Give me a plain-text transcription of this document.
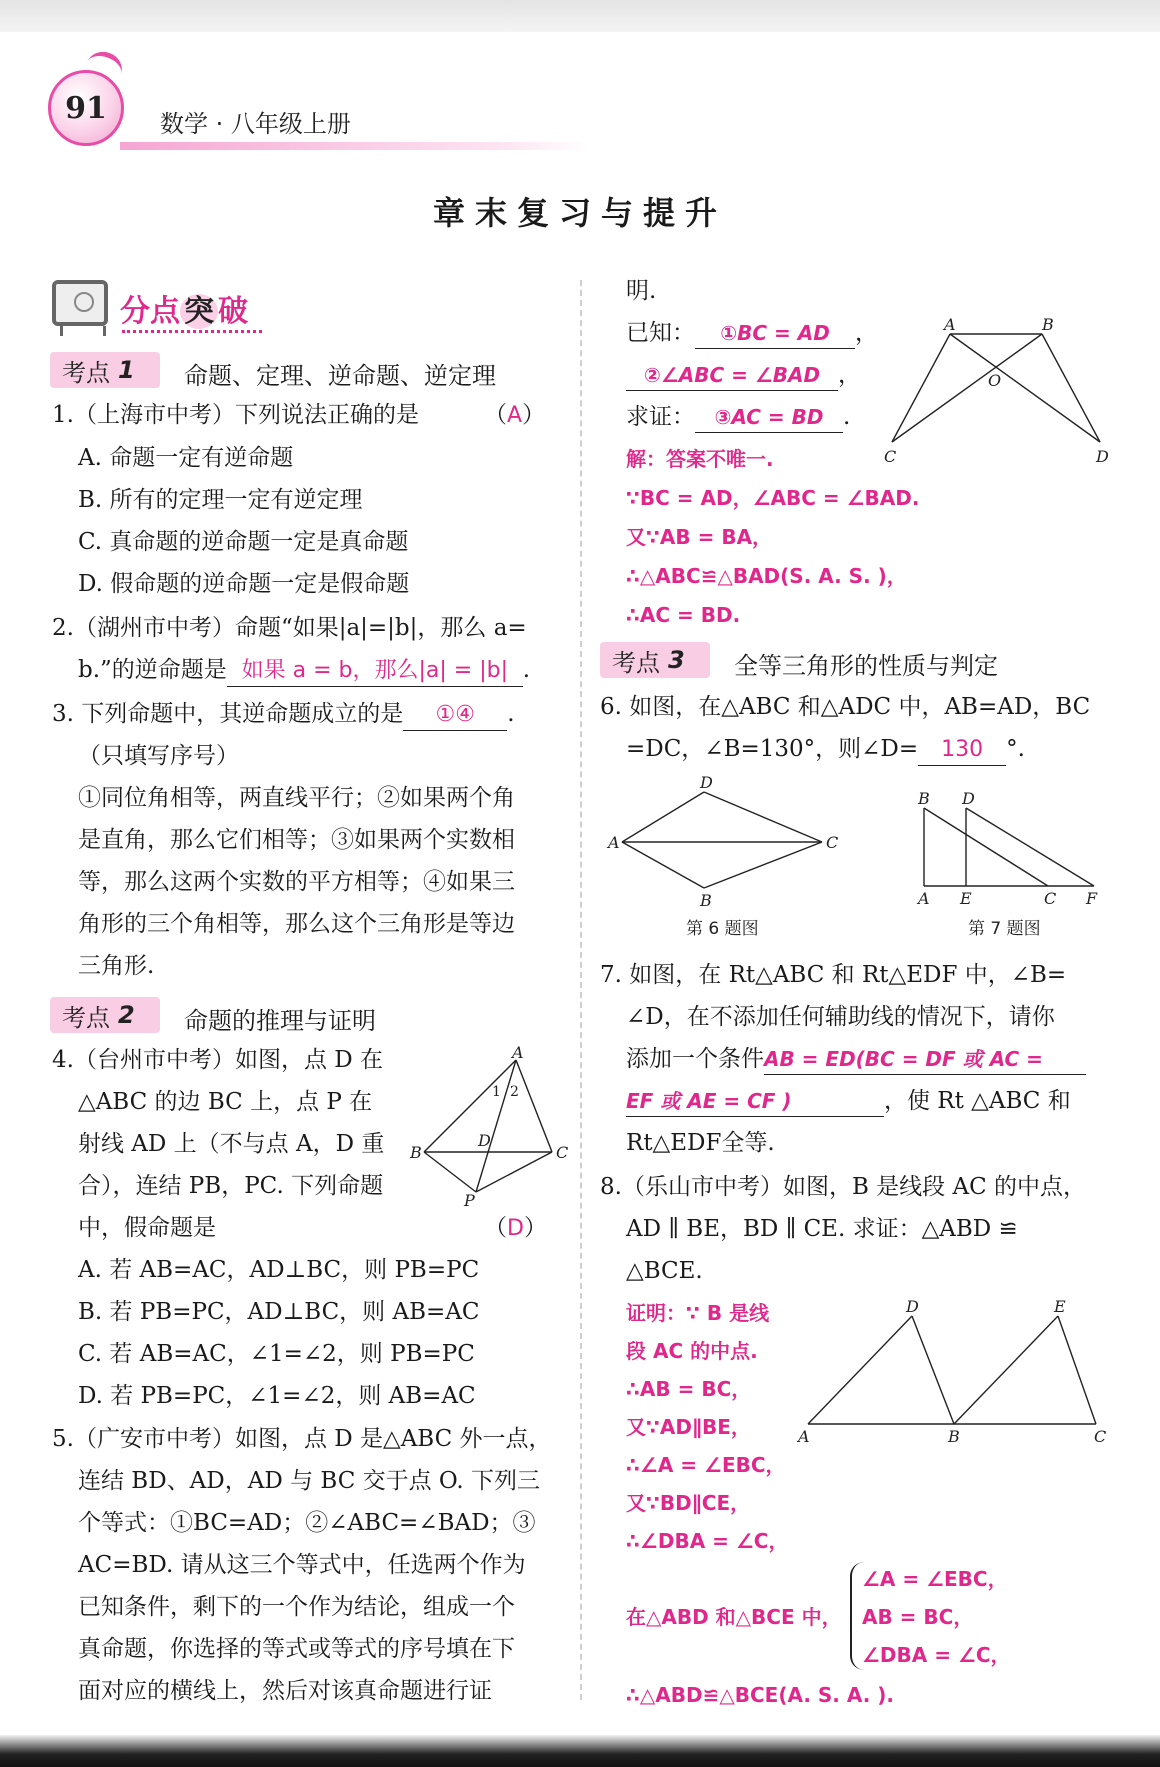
91	数学 · 八年级上册
章末复习与提升
分点 突 破
考点 1 命题、定理、逆命题、逆定理
1.（上海市中考）下列说法正确的是	（A）
A. 命题一定有逆命题
B. 所有的定理一定有逆定理
C. 真命题的逆命题一定是真命题
D. 假命题的逆命题一定是假命题
2.（湖州市中考）命题“如果|a|=|b|，那么 a=
b.”的逆命题是 如果 a = b，那么|a| = |b| .
3. 下列命题中，其逆命题成立的是 ①④ .
（只填写序号）
①同位角相等，两直线平行；②如果两个角
是直角，那么它们相等；③如果两个实数相
等，那么这两个实数的平方相等；④如果三
角形的三个角相等，那么这个三角形是等边
三角形.
考点 2 命题的推理与证明
4.（台州市中考）如图，点 D 在
△ABC 的边 BC 上，点 P 在
射线 AD 上（不与点 A，D 重
合），连结 PB，PC. 下列命题
中，假命题是	（D）
A
B	C
D
P
1 2
A. 若 AB=AC，AD⊥BC，则 PB=PC
B. 若 PB=PC，AD⊥BC，则 AB=AC
C. 若 AB=AC，∠1=∠2，则 PB=PC
D. 若 PB=PC，∠1=∠2，则 AB=AC
5.（广安市中考）如图，点 D 是△ABC 外一点，
连结 BD、AD，AD 与 BC 交于点 O. 下列三
个等式：①BC=AD；②∠ABC=∠BAD；③
AC=BD. 请从这三个等式中，任选两个作为
已知条件，剩下的一个作为结论，组成一个
真命题，你选择的等式或等式的序号填在下
面对应的横线上，然后对该真命题进行证
明.
已知： ①BC = AD ，
②∠ABC = ∠BAD ，
求证： ③AC = BD .
解：答案不唯一.
∵BC = AD，∠ABC = ∠BAD.
又∵AB = BA，
∴△ABC≌△BAD(S. A. S. )，
∴AC = BD.
A	B
O
C	D
考点 3 全等三角形的性质与判定
6. 如图，在△ABC 和△ADC 中，AB=AD，BC
=DC，∠B=130°，则∠D= 130 °.
D
A	C
B
第 6 题图
B D
A E	C F
第 7 题图
7. 如图，在 Rt△ABC 和 Rt△EDF 中，∠B=
∠D，在不添加任何辅助线的情况下，请你
添加一个条件AB = ED(BC = DF 或 AC =
EF 或 AE = CF )	，使 Rt △ABC 和
Rt△EDF全等.
8.（乐山市中考）如图，B 是线段 AC 的中点，
AD ∥ BE，BD ∥ CE. 求证：△ABD ≌
△BCE.
证明：∵ B 是线
段 AC 的中点.
∴AB = BC，
又∵AD∥BE，
∴∠A = ∠EBC，
又∵BD∥CE，
∴∠DBA = ∠C，
D	E
A	B	C
在△ABD 和△BCE 中，
∠A = ∠EBC，
AB = BC，
∠DBA = ∠C，
∴△ABD≌△BCE(A. S. A. ).
